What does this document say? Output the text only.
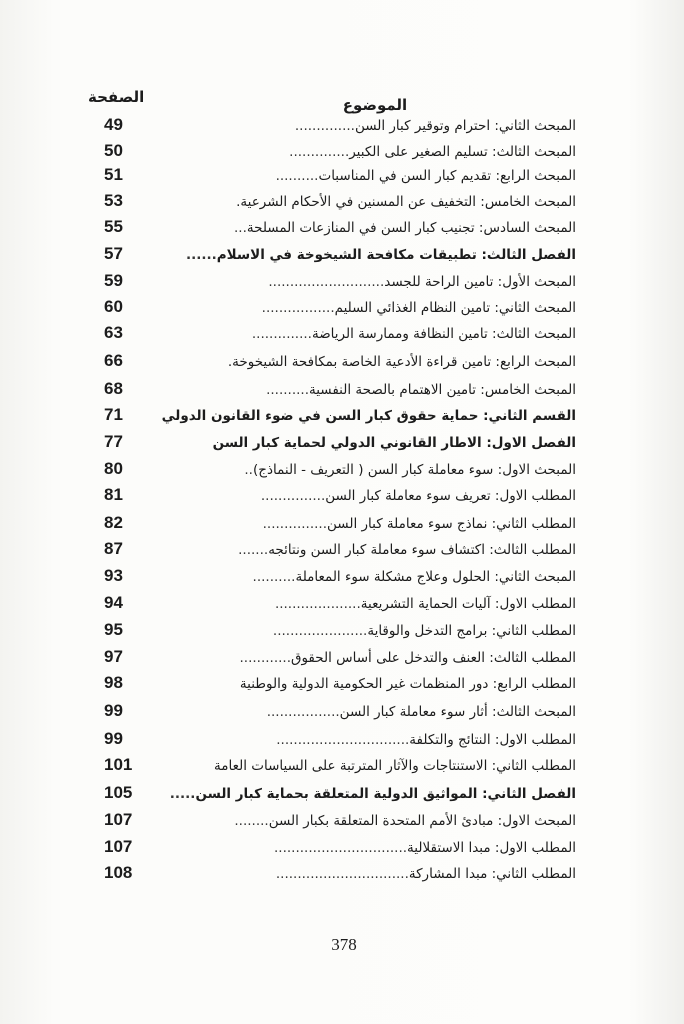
الصفحة	الموضوع
49	المبحث الثاني: احترام وتوقير كبار السن..............
50	المبحث الثالث: تسليم الصغير على الكبير..............
51	المبحث الرابع: تقديم كبار السن في المناسبات..........
53	المبحث الخامس: التخفيف عن المسنين في الأحكام الشرعية.
55	المبحث السادس: تجنيب كبار السن في المنازعات المسلحة...
57	الفصل الثالث: تطبيقات مكافحة الشيخوخة في الاسلام......
59	المبحث الأول: تامين الراحة للجسد...........................
60	المبحث الثاني: تامين النظام الغذائي السليم.................
63	المبحث الثالث: تامين النظافة وممارسة الرياضة..............
66	المبحث الرابع: تامين قراءة الأدعية الخاصة بمكافحة الشيخوخة.
68	المبحث الخامس: تامين الاهتمام بالصحة النفسية..........
71	القسم الثاني: حماية حقوق كبار السن في ضوء القانون الدولي
77	الفصل الاول: الاطار القانوني الدولي لحماية كبار السن
80	المبحث الاول: سوء معاملة كبار السن ( التعريف - النماذج)..
81	المطلب الاول: تعريف سوء معاملة كبار السن...............
82	المطلب الثاني: نماذج سوء معاملة كبار السن...............
87	المطلب الثالث: اكتشاف سوء معاملة كبار السن ونتائجه.......
93	المبحث الثاني: الحلول وعلاج مشكلة سوء المعاملة..........
94	المطلب الاول: آليات الحماية التشريعية....................
95	المطلب الثاني: برامج التدخل والوقاية......................
97	المطلب الثالث: العنف والتدخل على أساس الحقوق............
98	المطلب الرابع: دور المنظمات غير الحكومية الدولية والوطنية
99	المبحث الثالث: أثار سوء معاملة كبار السن.................
99	المطلب الاول: النتائج والتكلفة...............................
101	المطلب الثاني: الاستنتاجات والآثار المترتبة على السياسات العامة
105	الفصل الثاني: المواثيق الدولية المتعلقة بحماية كبار السن.....
107	المبحث الاول: مبادئ الأمم المتحدة المتعلقة بكبار السن........
107	المطلب الاول: مبدا الاستقلالية...............................
108	المطلب الثاني: مبدا المشاركة...............................
378
